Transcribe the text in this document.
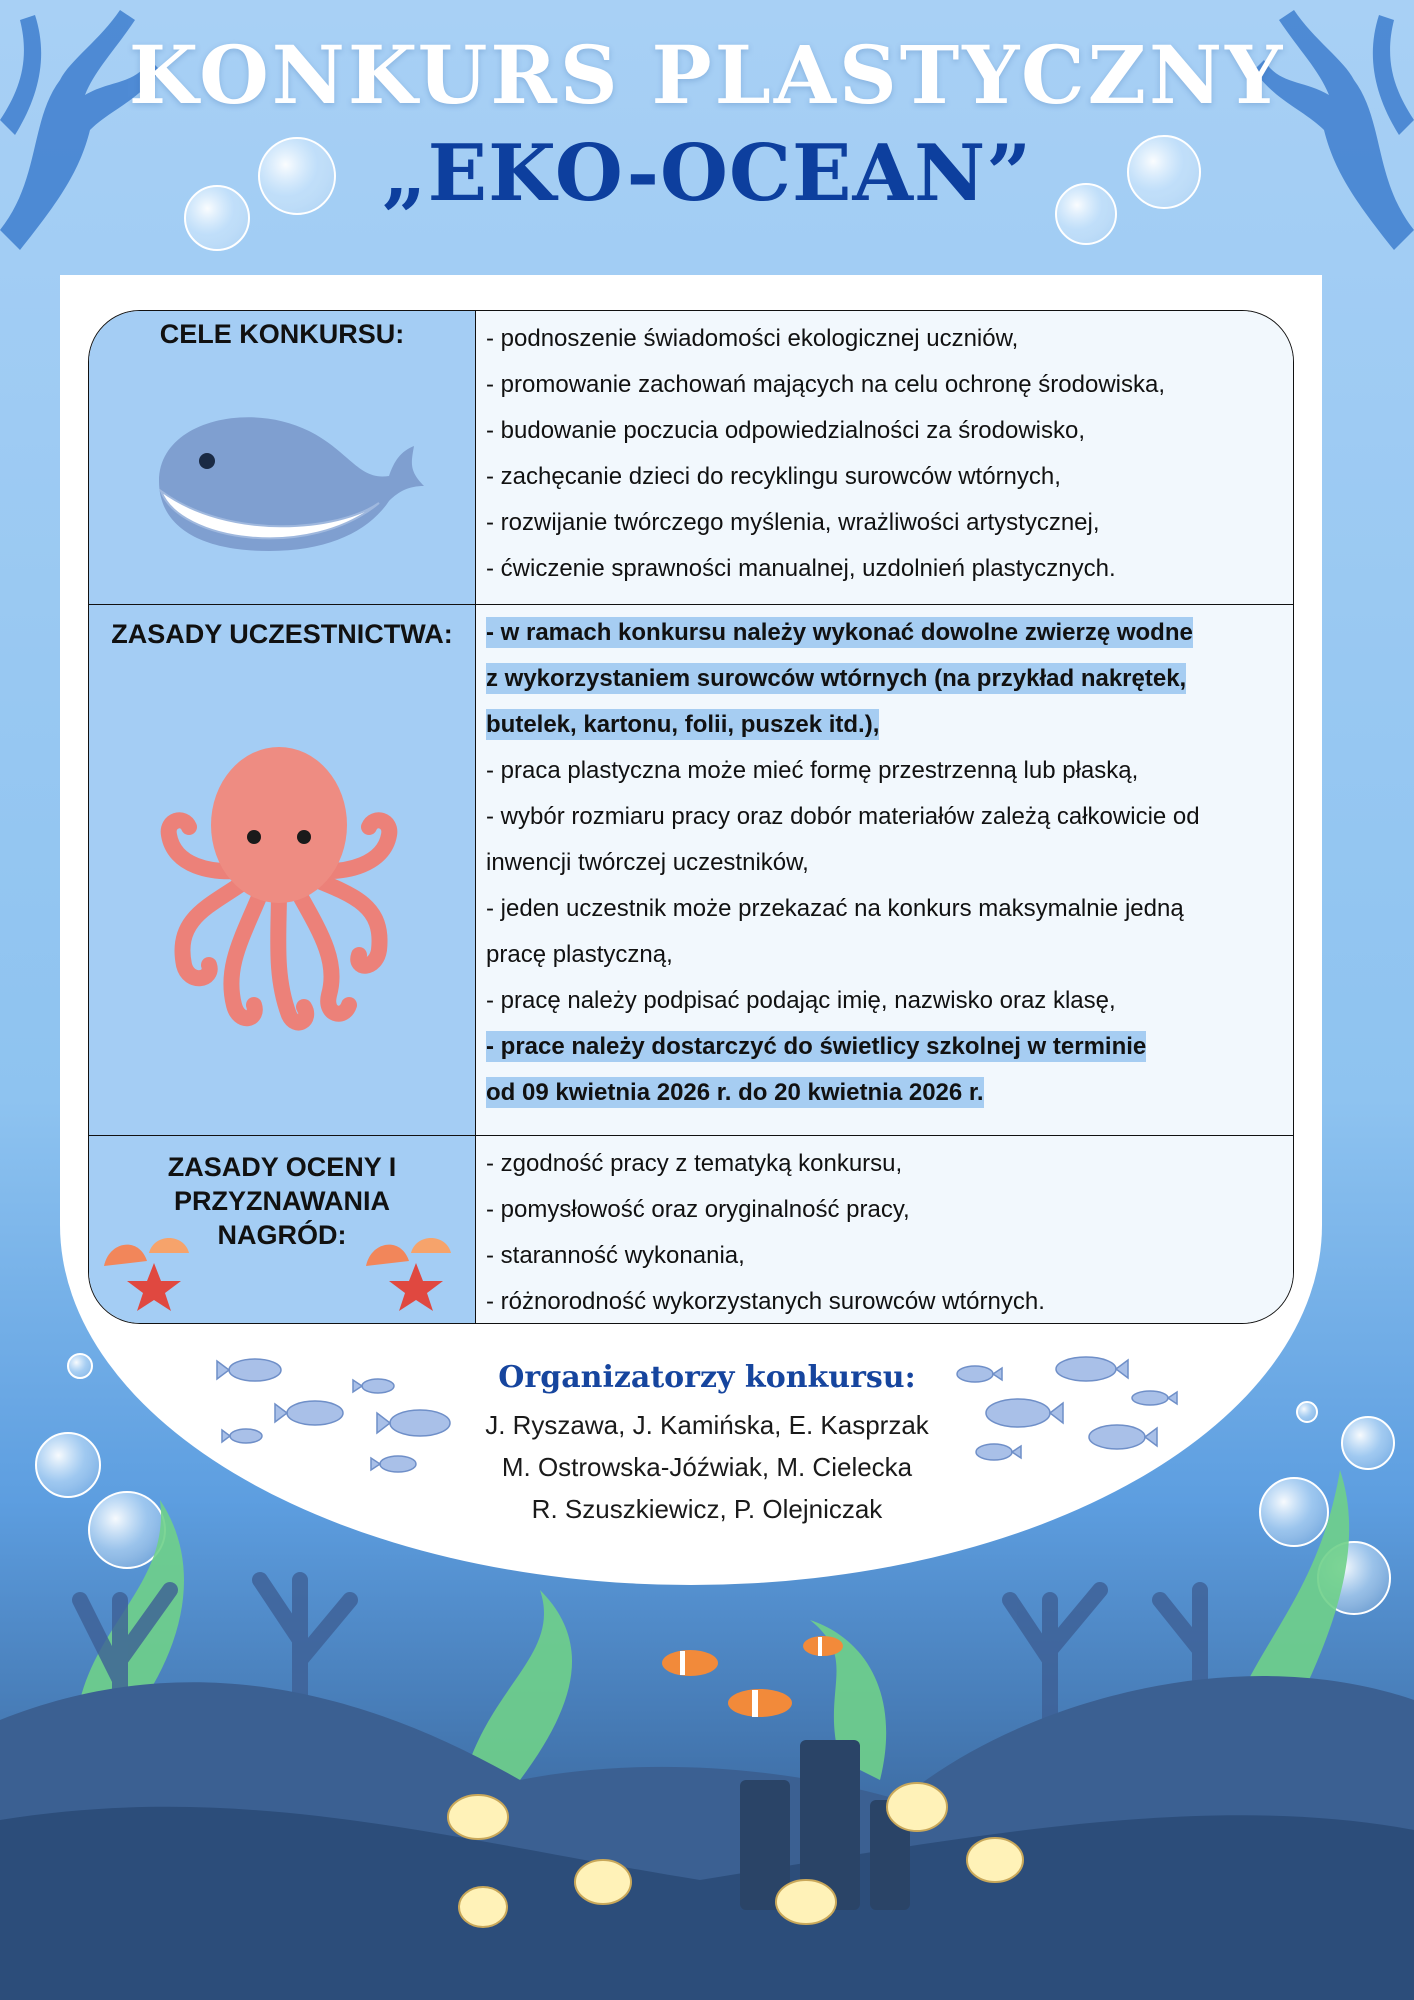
KONKURS PLASTYCZNY
„EKO-OCEAN”
CELE KONKURSU:	- podnoszenie świadomości ekologicznej uczniów,
- promowanie zachowań mających na celu ochronę środowiska,
- budowanie poczucia odpowiedzialności za środowisko,
- zachęcanie dzieci do recyklingu surowców wtórnych,
- rozwijanie twórczego myślenia, wrażliwości artystycznej,
- ćwiczenie sprawności manualnej, uzdolnień plastycznych.
ZASADY UCZESTNICTWA:	- w ramach konkursu należy wykonać dowolne zwierzę wodne
z wykorzystaniem surowców wtórnych (na przykład nakrętek,
butelek, kartonu, folii, puszek itd.),
- praca plastyczna może mieć formę przestrzenną lub płaską,
- wybór rozmiaru pracy oraz dobór materiałów zależą całkowicie od
inwencji twórczej uczestników,
- jeden uczestnik może przekazać na konkurs maksymalnie jedną
pracę plastyczną,
- pracę należy podpisać podając imię, nazwisko oraz klasę,
- prace należy dostarczyć do świetlicy szkolnej w terminie
od 09 kwietnia 2026 r. do 20 kwietnia 2026 r.
ZASADY OCENY I
PRZYZNAWANIA
NAGRÓD:
- zgodność pracy z tematyką konkursu,
- pomysłowość oraz oryginalność pracy,
- staranność wykonania,
- różnorodność wykorzystanych surowców wtórnych.
Organizatorzy konkursu:
J. Ryszawa, J. Kamińska, E. Kasprzak
M. Ostrowska-Jóźwiak, M. Cielecka
R. Szuszkiewicz, P. Olejniczak
